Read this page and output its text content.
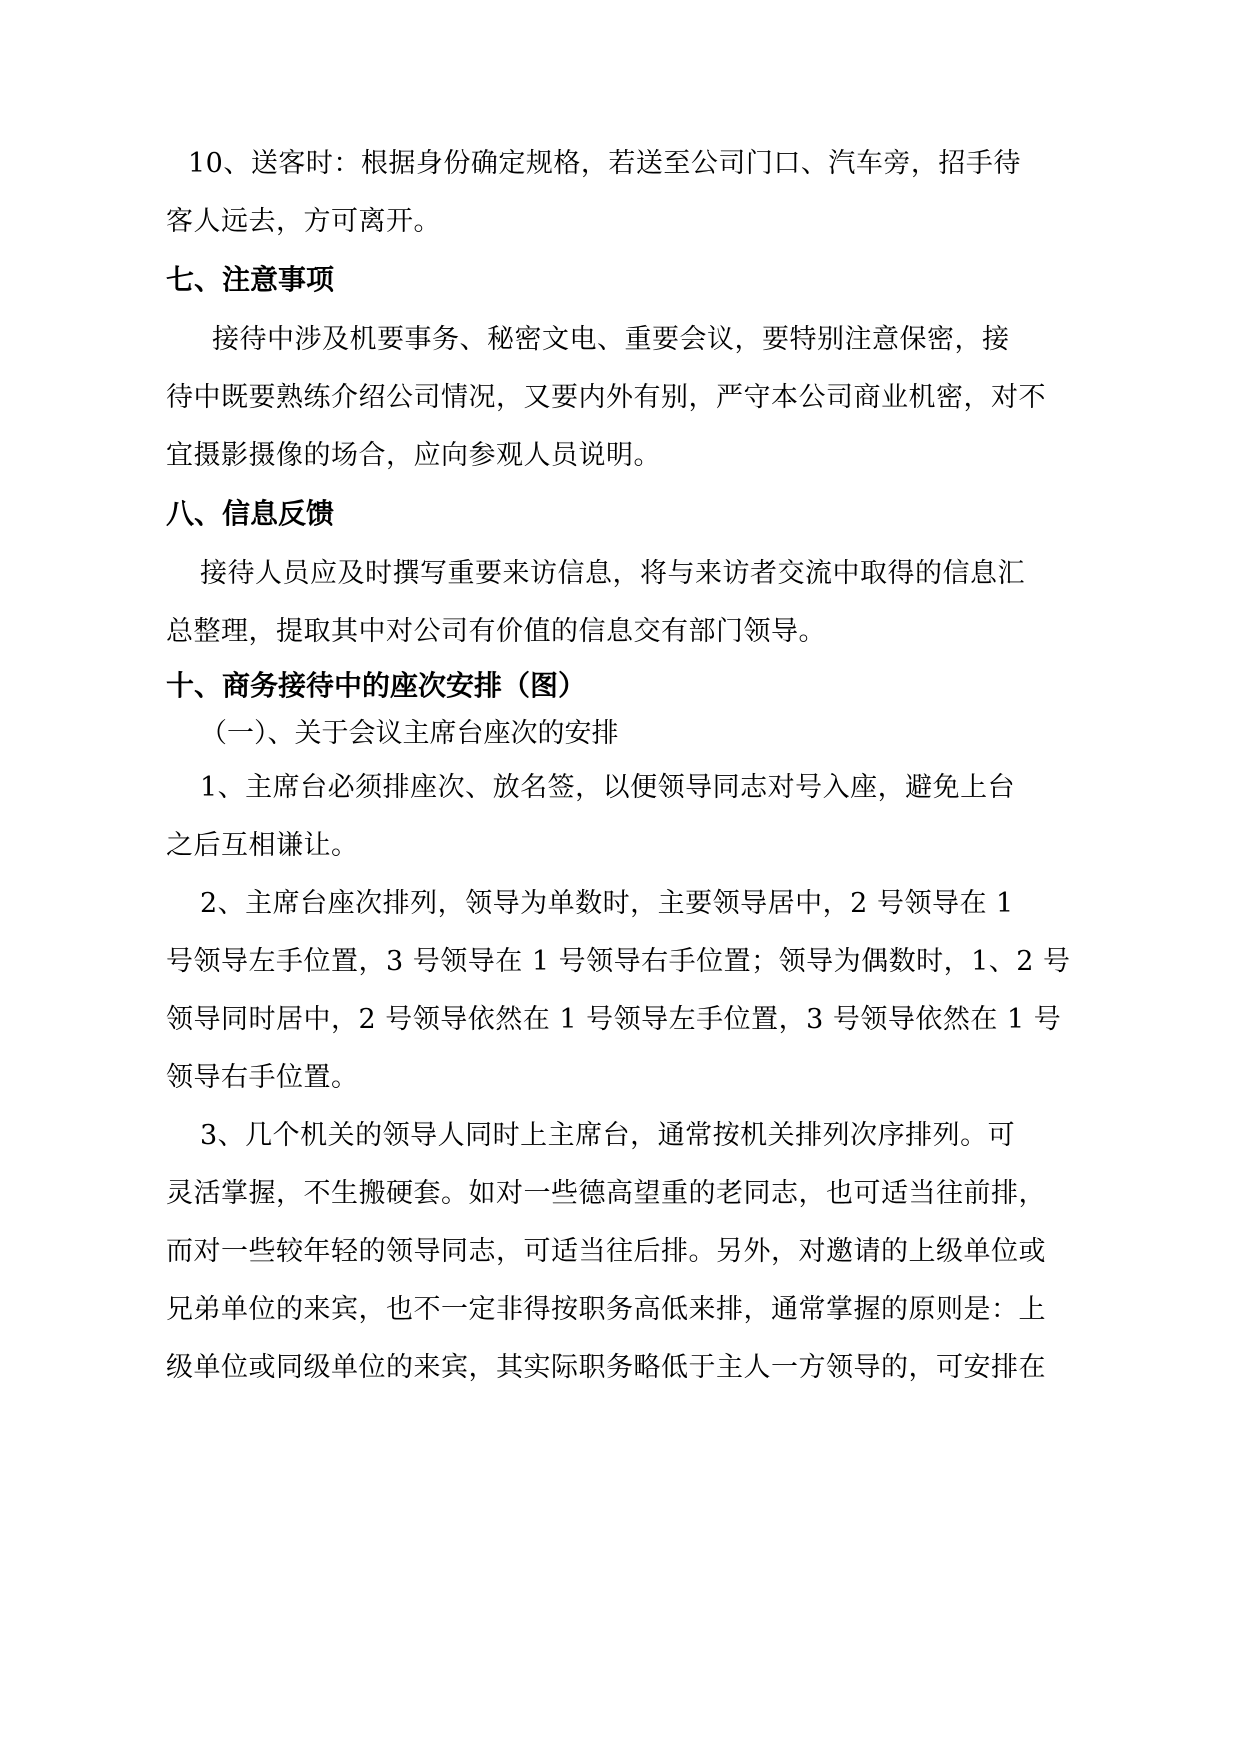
10、送客时：根据身份确定规格，若送至公司门口、汽车旁，招手待
客人远去，方可离开。
七、注意事项
接待中涉及机要事务、秘密文电、重要会议，要特别注意保密，接
待中既要熟练介绍公司情况，又要内外有别，严守本公司商业机密，对不
宜摄影摄像的场合，应向参观人员说明。
八、信息反馈
接待人员应及时撰写重要来访信息，将与来访者交流中取得的信息汇
总整理，提取其中对公司有价值的信息交有部门领导。
十、商务接待中的座次安排（图）
（一）、关于会议主席台座次的安排
1、主席台必须排座次、放名签，以便领导同志对号入座，避免上台
之后互相谦让。
2、主席台座次排列，领导为单数时，主要领导居中，2 号领导在 1
号领导左手位置，3 号领导在 1 号领导右手位置；领导为偶数时，1、2 号
领导同时居中，2 号领导依然在 1 号领导左手位置，3 号领导依然在 1 号
领导右手位置。
3、几个机关的领导人同时上主席台，通常按机关排列次序排列。可
灵活掌握，不生搬硬套。如对一些德高望重的老同志，也可适当往前排，
而对一些较年轻的领导同志，可适当往后排。另外，对邀请的上级单位或
兄弟单位的来宾，也不一定非得按职务高低来排，通常掌握的原则是：上
级单位或同级单位的来宾，其实际职务略低于主人一方领导的，可安排在
